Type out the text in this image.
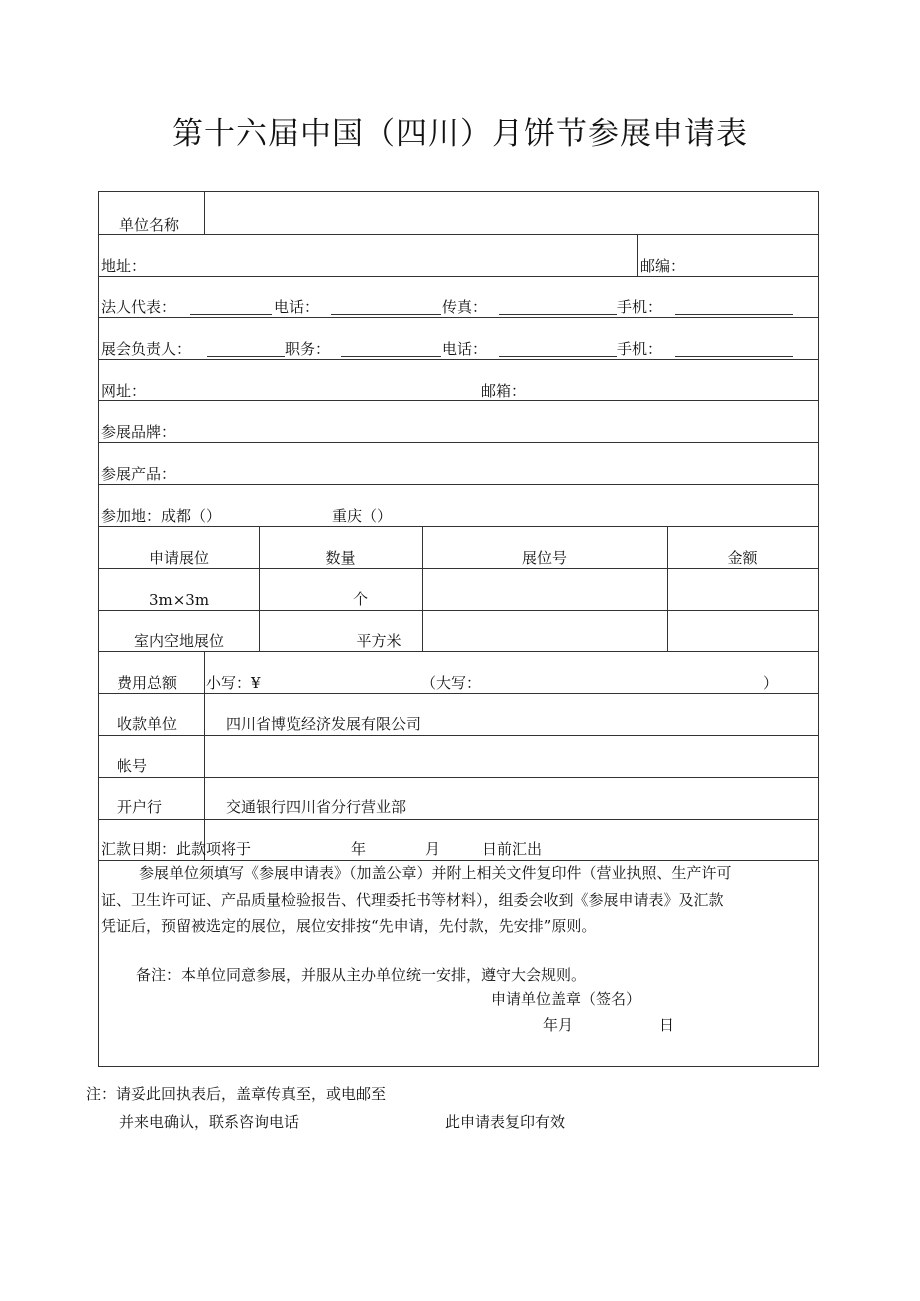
第十六届中国（四川）月饼节参展申请表
单位名称
地址：	邮编：
法人代表：	电话：	传真：	手机：
展会负责人：	职务：	电话：	手机：
网址：	邮箱：
参展品牌：
参展产品：
参加地：成都（）	重庆（）
申请展位	数量	展位号	金额
3m×3m	个
室内空地展位	平方米
费用总额 小写：¥	（大写：	）
收款单位	四川省博览经济发展有限公司
帐号
开户行	交通银行四川省分行营业部
汇款日期：此款项将于	年	月	日前汇出
参展单位须填写《参展申请表》（加盖公章）并附上相关文件复印件（营业执照、生产许可
证、卫生许可证、产品质量检验报告、代理委托书等材料），组委会收到《参展申请表》及汇款
凭证后，预留被选定的展位，展位安排按“先申请，先付款，先安排”原则。
备注：本单位同意参展，并服从主办单位统一安排，遵守大会规则。
申请单位盖章（签名）
年月	日
注：请妥此回执表后，盖章传真至，或电邮至
并来电确认，联系咨询电话	此申请表复印有效
